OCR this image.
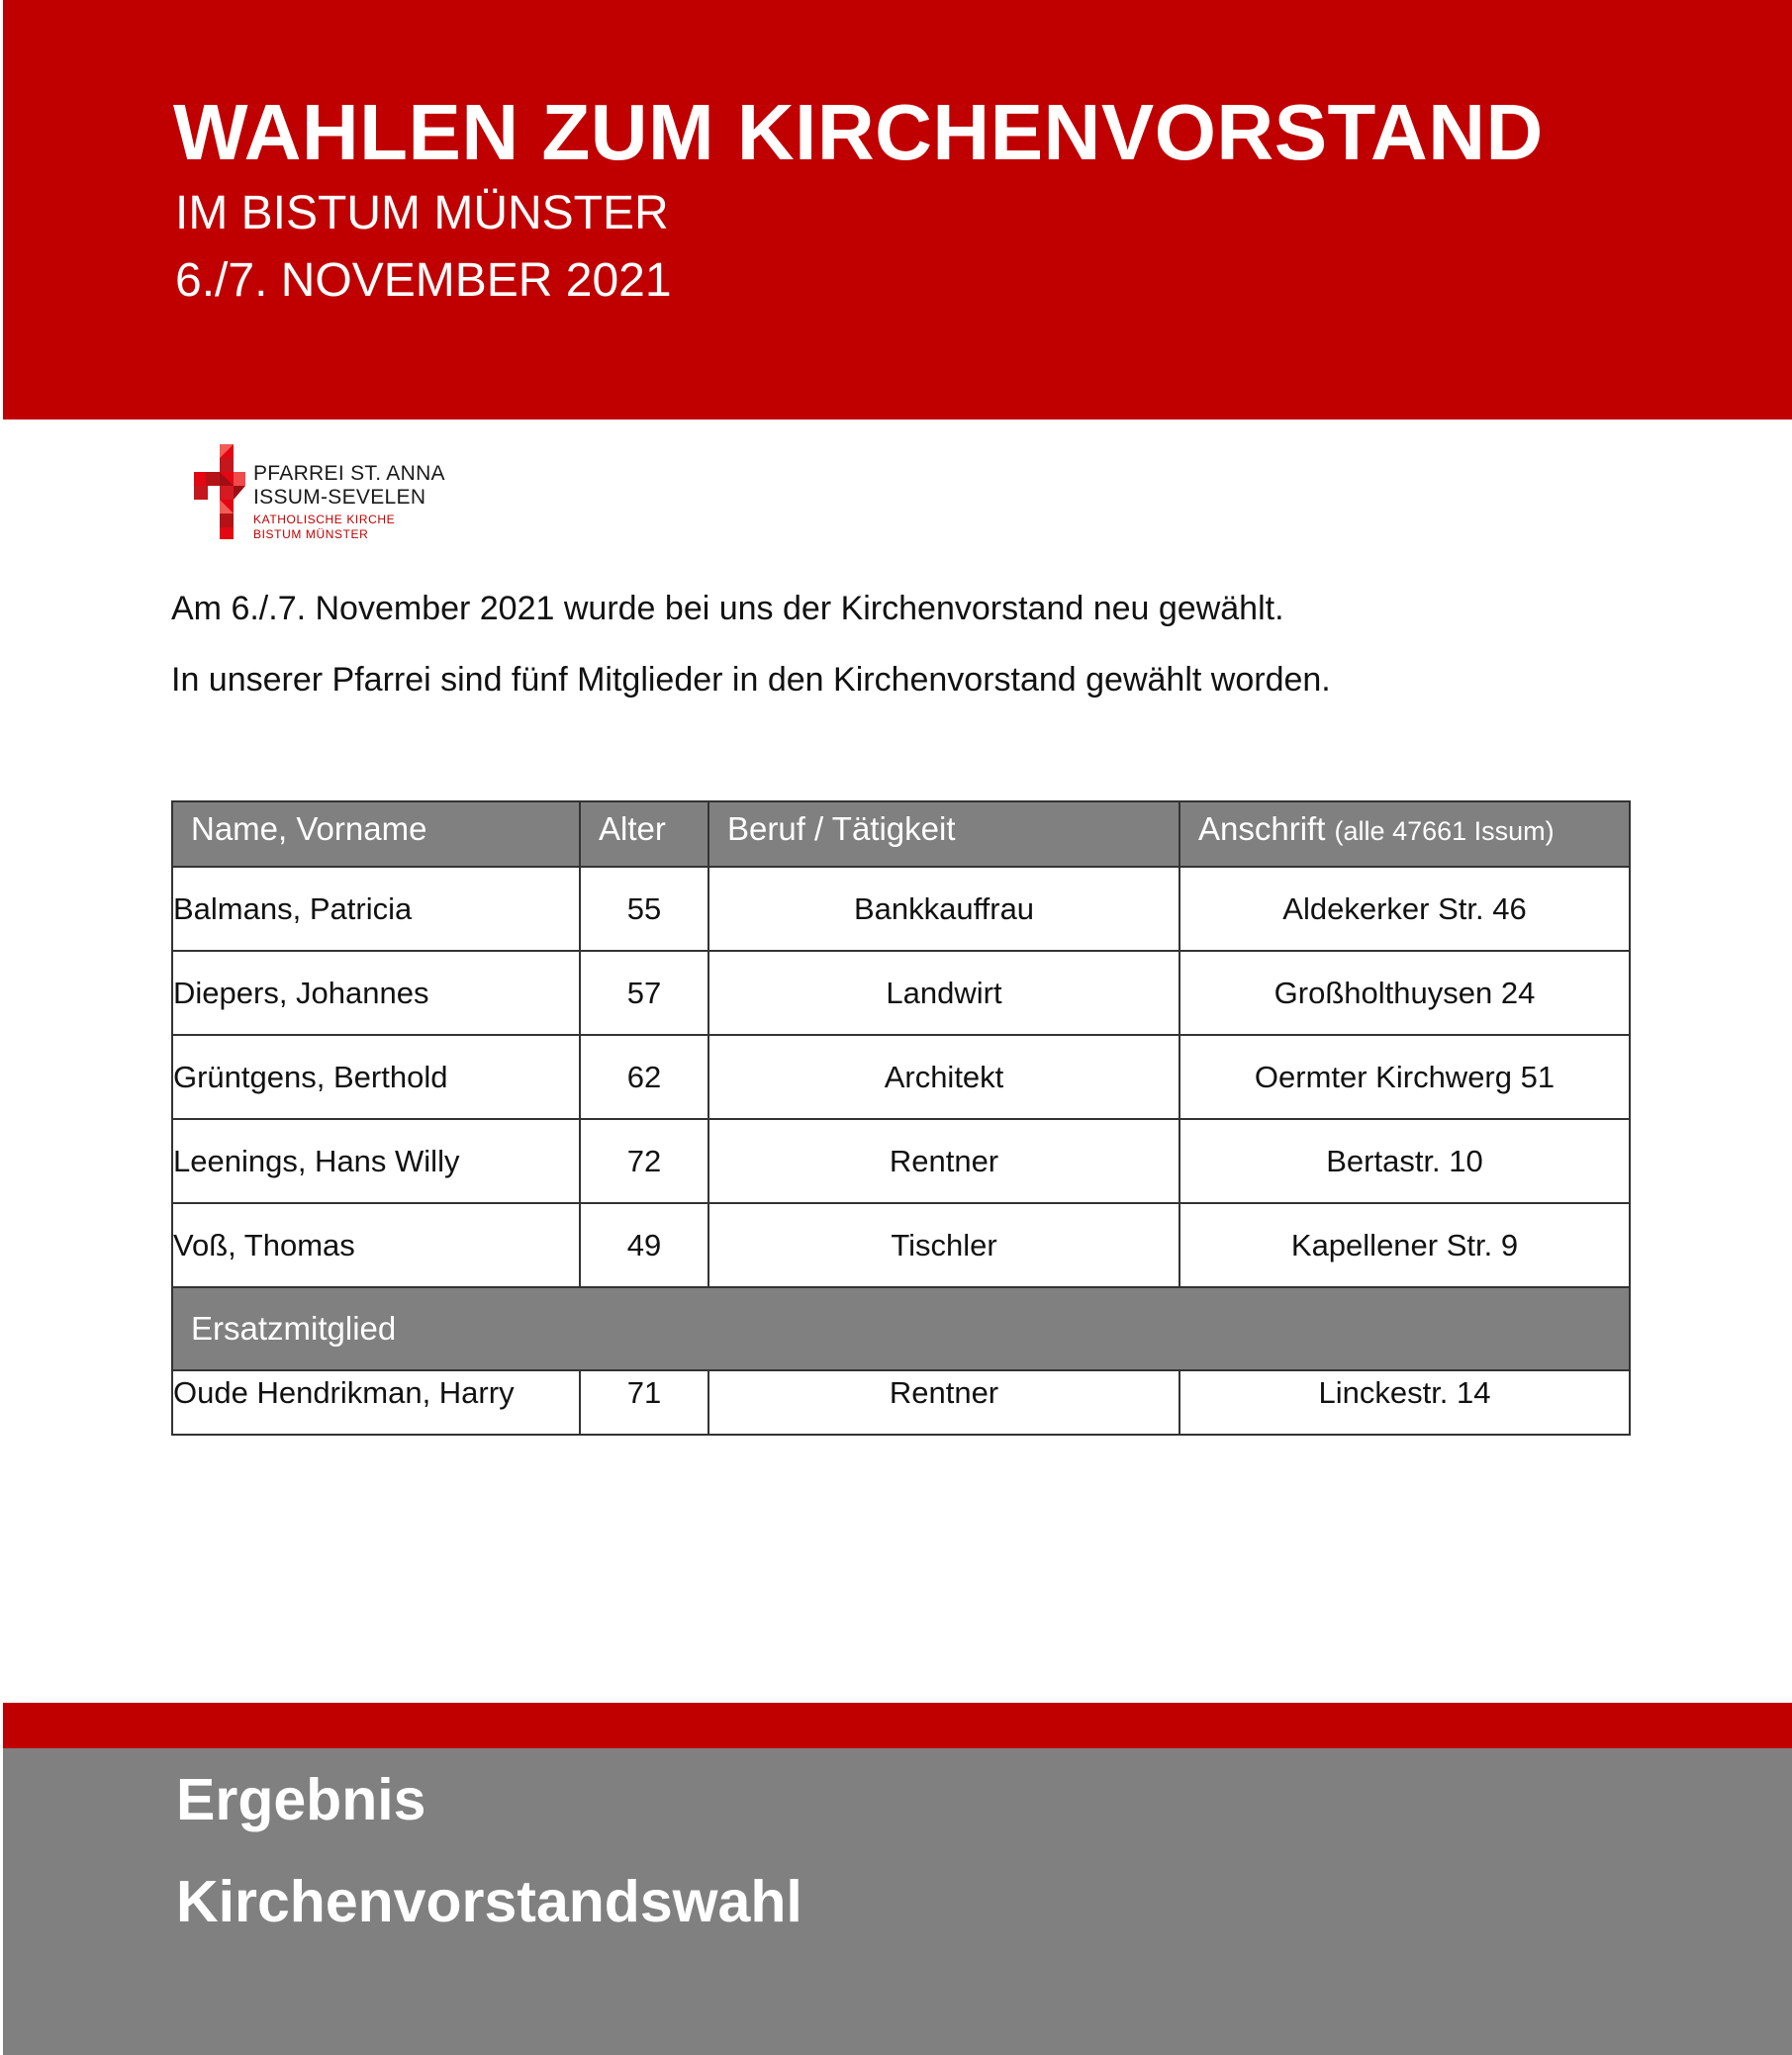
WAHLEN ZUM KIRCHENVORSTAND

IM BISTUM MÜNSTER

6./7. NOVEMBER 2021

PFARREI ST. ANNA
ISSUM-SEVELEN
KATHOLISCHE KIRCHE
BISTUM MÜNSTER

Am 6./.7. November 2021 wurde bei uns der Kirchenvorstand neu gewählt.

In unserer Pfarrei sind fünf Mitglieder in den Kirchenvorstand gewählt worden.

Name, Vorname	Alter	Beruf / Tätigkeit	Anschrift (alle 47661 Issum)
Balmans, Patricia	55	Bankkauffrau	Aldekerker Str. 46
Diepers, Johannes	57	Landwirt	Großholthuysen 24
Grüntgens, Berthold	62	Architekt	Oermter Kirchwerg 51
Leenings, Hans Willy	72	Rentner	Bertastr. 10
Voß, Thomas	49	Tischler	Kapellener Str. 9
Ersatzmitglied			
Oude Hendrikman, Harry	71	Rentner	Linckestr. 14

Ergebnis

Kirchenvorstandswahl
